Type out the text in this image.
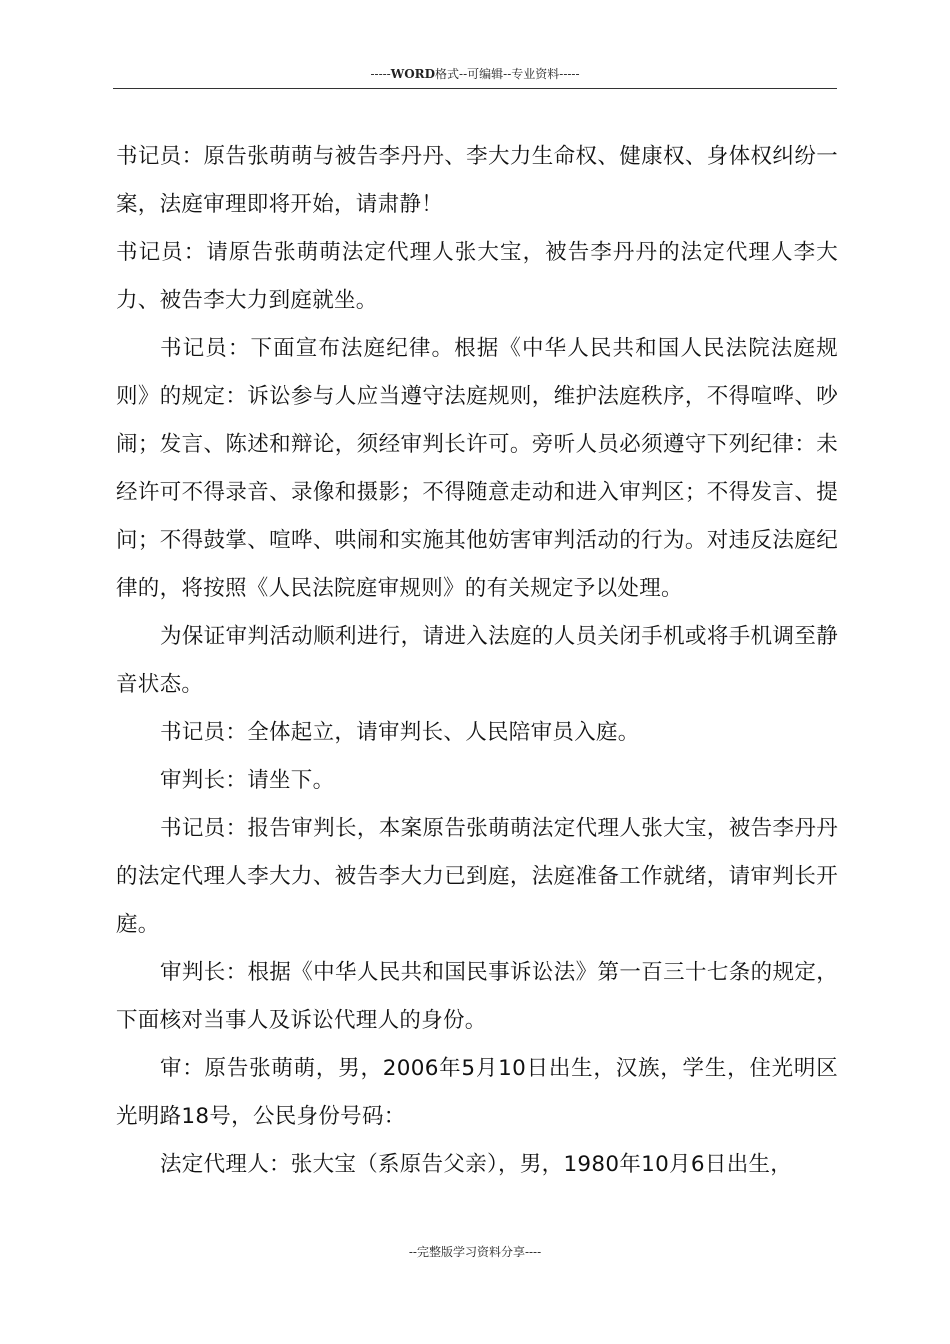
-----WORD格式--可编辑--专业资料-----

书记员：原告张萌萌与被告李丹丹、李大力生命权、健康权、身体权纠纷一案，法庭审理即将开始，请肃静！

书记员：请原告张萌萌法定代理人张大宝，被告李丹丹的法定代理人李大力、被告李大力到庭就坐。

书记员：下面宣布法庭纪律。根据《中华人民共和国人民法院法庭规则》的规定：诉讼参与人应当遵守法庭规则，维护法庭秩序，不得喧哗、吵闹；发言、陈述和辩论，须经审判长许可。旁听人员必须遵守下列纪律：未经许可不得录音、录像和摄影；不得随意走动和进入审判区；不得发言、提问；不得鼓掌、喧哗、哄闹和实施其他妨害审判活动的行为。对违反法庭纪律的，将按照《人民法院庭审规则》的有关规定予以处理。

为保证审判活动顺利进行，请进入法庭的人员关闭手机或将手机调至静音状态。

书记员：全体起立，请审判长、人民陪审员入庭。

审判长：请坐下。

书记员：报告审判长，本案原告张萌萌法定代理人张大宝，被告李丹丹的法定代理人李大力、被告李大力已到庭，法庭准备工作就绪，请审判长开庭。

审判长：根据《中华人民共和国民事诉讼法》第一百三十七条的规定，下面核对当事人及诉讼代理人的身份。

审：原告张萌萌，男，2006年5月10日出生，汉族，学生，住光明区光明路18号，公民身份号码：

法定代理人：张大宝（系原告父亲），男，1980年10月6日出生，

--完整版学习资料分享----
